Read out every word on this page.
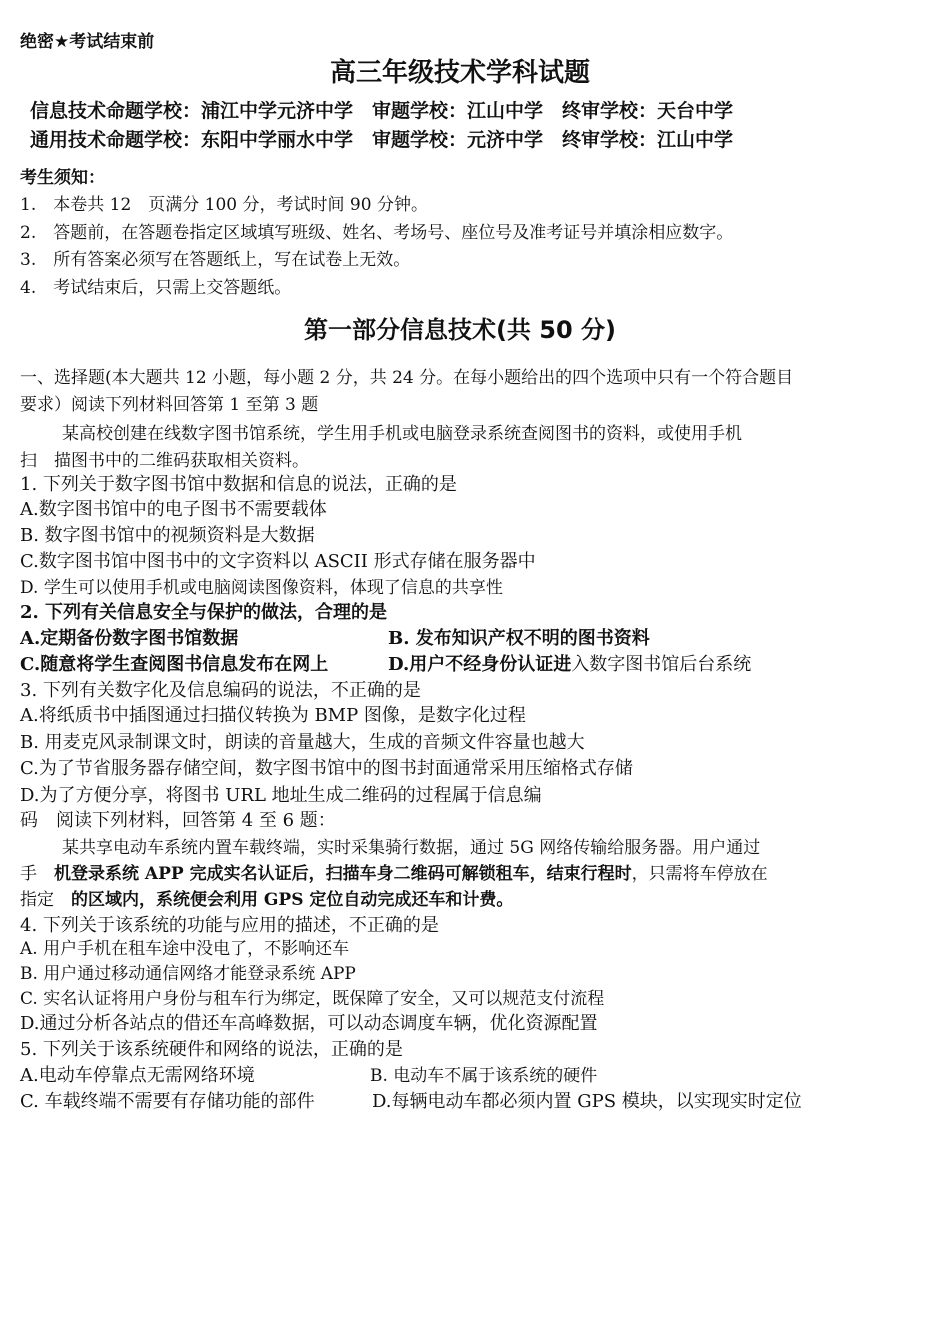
绝密★考试结束前
高三年级技术学科试题
信息技术命题学校：浦江中学元济中学　审题学校：江山中学　终审学校：天台中学
通用技术命题学校：东阳中学丽水中学　审题学校：元济中学　终审学校：江山中学
考生须知：
1.　本卷共 12　页满分 100 分，考试时间 90 分钟。
2.　答题前，在答题卷指定区域填写班级、姓名、考场号、座位号及准考证号并填涂相应数字。
3.　所有答案必须写在答题纸上，写在试卷上无效。
4.　考试结束后，只需上交答题纸。
第一部分信息技术(共 50 分)
一、选择题(本大题共 12 小题，每小题 2 分，共 24 分。在每小题给出的四个选项中只有一个符合题目
要求）阅读下列材料回答第 1 至第 3 题
某高校创建在线数字图书馆系统，学生用手机或电脑登录系统查阅图书的资料，或使用手机
扫　描图书中的二维码获取相关资料。
1. 下列关于数字图书馆中数据和信息的说法，正确的是
A.数字图书馆中的电子图书不需要载体
B. 数字图书馆中的视频资料是大数据
C.数字图书馆中图书中的文字资料以 ASCII 形式存储在服务器中
D. 学生可以使用手机或电脑阅读图像资料，体现了信息的共享性
2. 下列有关信息安全与保护的做法，合理的是
A.定期备份数字图书馆数据	B. 发布知识产权不明的图书资料
C.随意将学生查阅图书信息发布在网上	D.用户不经身份认证进入数字图书馆后台系统
3. 下列有关数字化及信息编码的说法，不正确的是
A.将纸质书中插图通过扫描仪转换为 BMP 图像，是数字化过程
B. 用麦克风录制课文时，朗读的音量越大，生成的音频文件容量也越大
C.为了节省服务器存储空间，数字图书馆中的图书封面通常采用压缩格式存储
D.为了方便分享，将图书 URL 地址生成二维码的过程属于信息编
码　阅读下列材料，回答第 4 至 6 题：
某共享电动车系统内置车载终端，实时采集骑行数据，通过 5G 网络传输给服务器。用户通过
手　机登录系统 APP 完成实名认证后，扫描车身二维码可解锁租车，结束行程时，只需将车停放在
指定　的区域内，系统便会利用 GPS 定位自动完成还车和计费。
4. 下列关于该系统的功能与应用的描述，不正确的是
A. 用户手机在租车途中没电了，不影响还车
B. 用户通过移动通信网络才能登录系统 APP
C. 实名认证将用户身份与租车行为绑定，既保障了安全，又可以规范支付流程
D.通过分析各站点的借还车高峰数据，可以动态调度车辆，优化资源配置
5. 下列关于该系统硬件和网络的说法，正确的是
A.电动车停靠点无需网络环境	B. 电动车不属于该系统的硬件
C. 车载终端不需要有存储功能的部件	D.每辆电动车都必须内置 GPS 模块，以实现实时定位
